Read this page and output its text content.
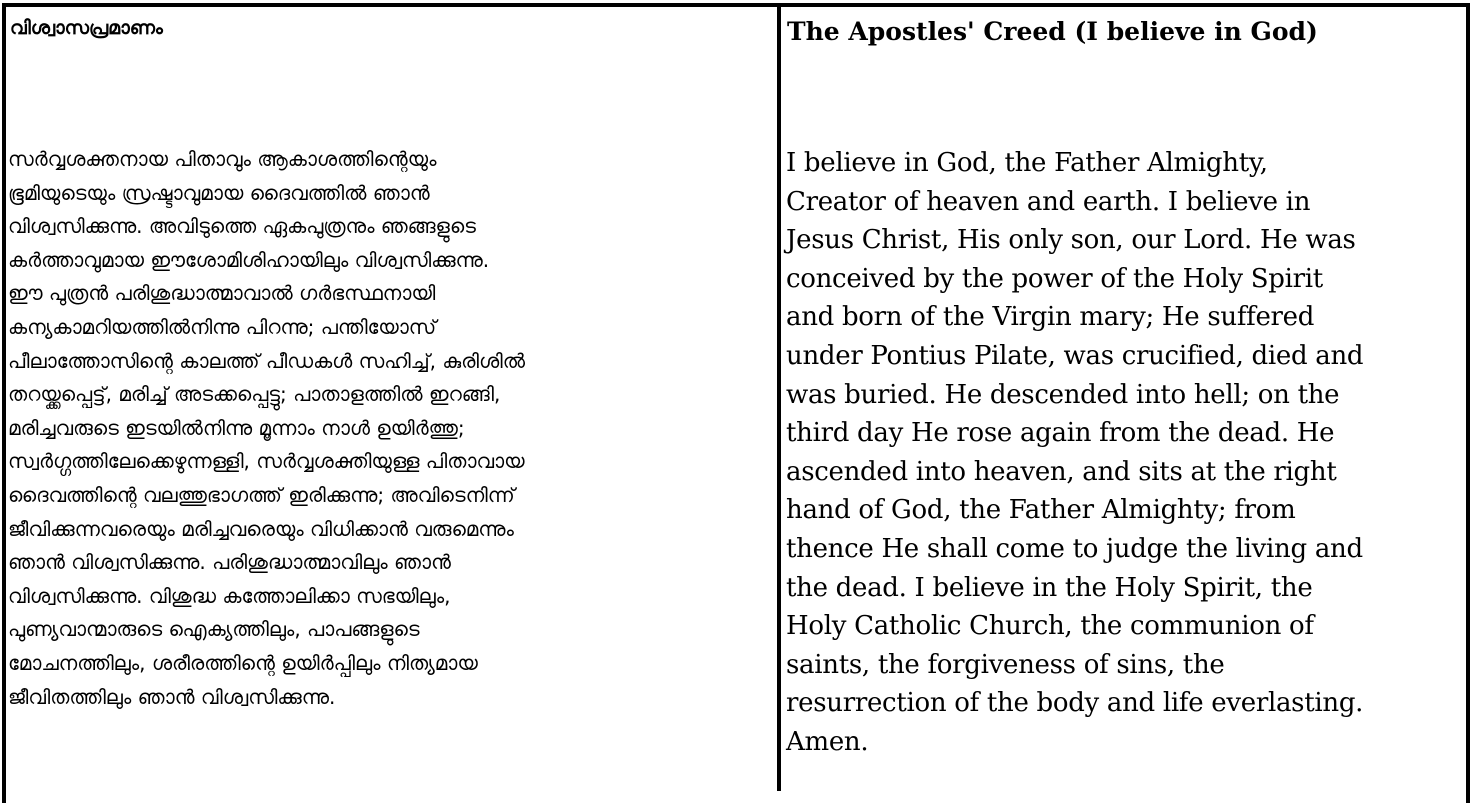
വിശ്വാസപ്രമാണം
സർവ്വശക്തനായ പിതാവും ആകാശത്തിന്റെയും
ഭൂമിയുടെയും സ്രഷ്ടാവുമായ ദൈവത്തിൽ ഞാൻ
വിശ്വസിക്കുന്നു. അവിടുത്തെ ഏകപുത്രനും ഞങ്ങളുടെ
കർത്താവുമായ ഈശോമിശിഹായിലും വിശ്വസിക്കുന്നു.
ഈ പുത്രൻ പരിശുദ്ധാത്മാവാൽ ഗർഭസ്ഥനായി
കന്യകാമറിയത്തിൽനിന്നു പിറന്നു; പന്തിയോസ്
പീലാത്തോസിന്റെ കാലത്ത് പീഡകൾ സഹിച്ച്, കുരിശിൽ
തറയ്ക്കപ്പെട്ട്, മരിച്ച് അടക്കപ്പെട്ടു; പാതാളത്തിൽ ഇറങ്ങി,
മരിച്ചവരുടെ ഇടയിൽനിന്നു മൂന്നാം നാൾ ഉയിർത്തു;
സ്വർഗ്ഗത്തിലേക്കെഴുന്നള്ളി, സർവ്വശക്തിയുള്ള പിതാവായ
ദൈവത്തിന്റെ വലത്തുഭാഗത്ത് ഇരിക്കുന്നു; അവിടെനിന്ന്
ജീവിക്കുന്നവരെയും മരിച്ചവരെയും വിധിക്കാൻ വരുമെന്നും
ഞാൻ വിശ്വസിക്കുന്നു. പരിശുദ്ധാത്മാവിലും ഞാൻ
വിശ്വസിക്കുന്നു. വിശുദ്ധ കത്തോലിക്കാ സഭയിലും,
പുണ്യവാന്മാരുടെ ഐക്യത്തിലും, പാപങ്ങളുടെ
മോചനത്തിലും, ശരീരത്തിന്റെ ഉയിർപ്പിലും നിത്യമായ
ജീവിതത്തിലും ഞാൻ വിശ്വസിക്കുന്നു.
The Apostles' Creed (I believe in God)
I believe in God, the Father Almighty,
Creator of heaven and earth. I believe in
Jesus Christ, His only son, our Lord. He was
conceived by the power of the Holy Spirit
and born of the Virgin mary; He suffered
under Pontius Pilate, was crucified, died and
was buried. He descended into hell; on the
third day He rose again from the dead. He
ascended into heaven, and sits at the right
hand of God, the Father Almighty; from
thence He shall come to judge the living and
the dead. I believe in the Holy Spirit, the
Holy Catholic Church, the communion of
saints, the forgiveness of sins, the
resurrection of the body and life everlasting.
Amen.
